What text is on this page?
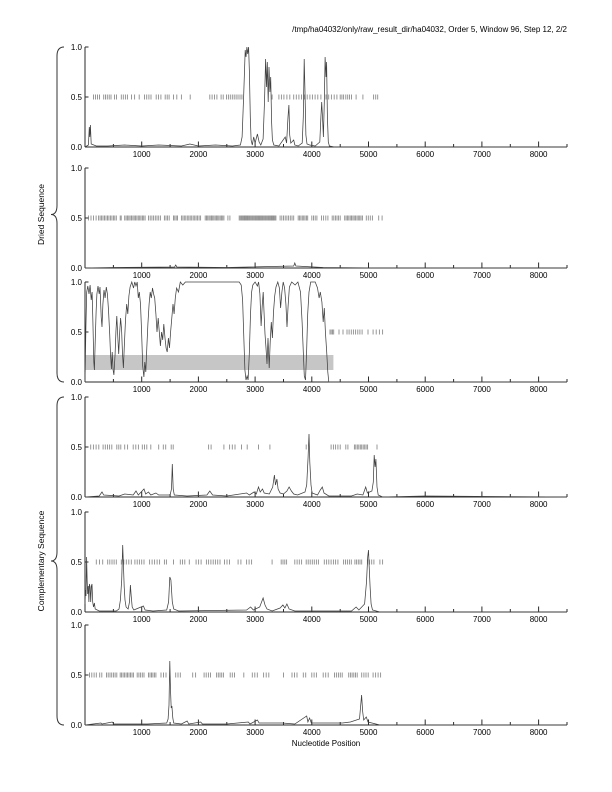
/tmp/ha04032/only/raw_result_dir/ha04032, Order 5, Window 96, Step 12, 2/2
Dried Sequence
Complementary Sequence
1000	2000	3000	4000	5000	6000	7000	8000
1.0
0.5
0.0
1000	2000	3000	4000	5000	6000	7000	8000
1.0
0.5
0.0
1000	2000	3000	4000	5000	6000	7000	8000
1.0
0.5
0.0
1000	2000	3000	4000	5000	6000	7000	8000
1.0
0.5
0.0
1000	2000	3000	4000	5000	6000	7000	8000
1.0
0.5
0.0
1000	2000	3000	4000	5000	6000	7000	8000
1.0
0.5
0.0
Nucleotide Position
